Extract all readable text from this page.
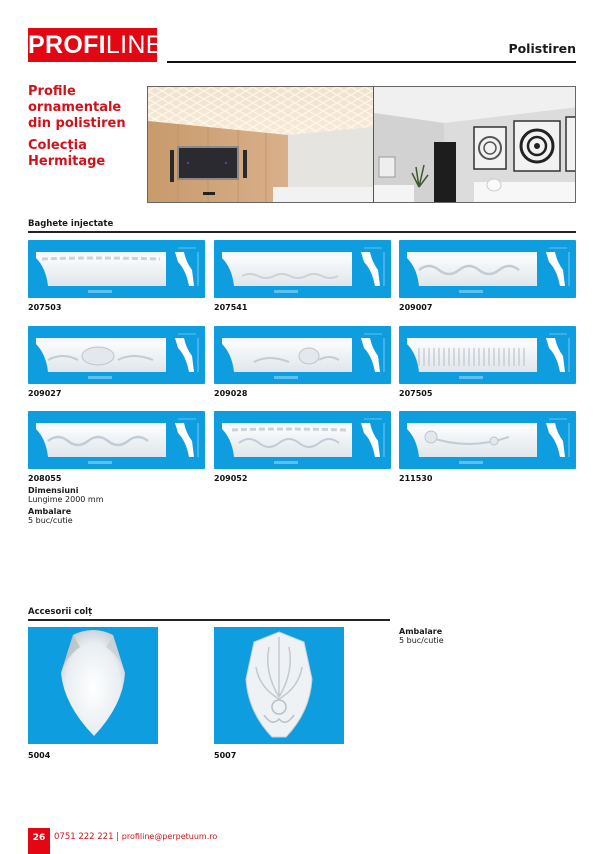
PROFILINE	Polistiren

Profile ornamentale din polistiren

Colecția Hermitage

Baghete injectate
207503	207541	209007
209027	209028	207505
208055	209052	211530
Dimensiuni
Lungime 2000 mm
Ambalare
5 buc/cutie
Accesorii colț
5004	5007
Ambalare
5 buc/cutie
26	0751 222 221 | profiline@perpetuum.ro
